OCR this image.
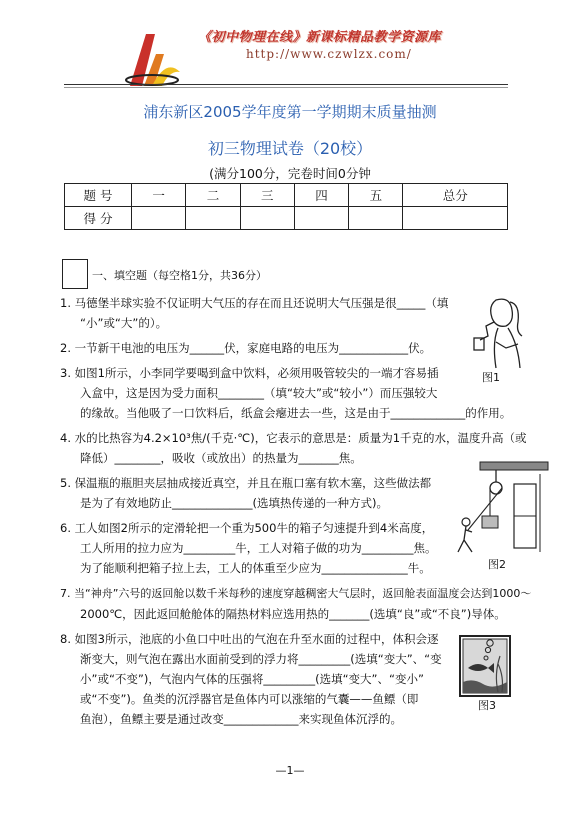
《初中物理在线》新课标精品教学资源库
http://www.czwlzx.com/
浦东新区2005学年度第一学期期末质量抽测
初三物理试卷（20校）
(满分100分，完卷时间0分钟
题 号	一	二	三	四	五	总分
得 分						
一、填空题（每空格1分，共36分）
1. 马德堡半球实验不仅证明大气压的存在而且还说明大气压强是很_____（填
“小”或“大”的）。
2. 一节新干电池的电压为______伏，家庭电路的电压为____________伏。
3. 如图1所示，小李同学要喝到盒中饮料，必须用吸管较尖的一端才容易插
入盒中，这是因为受力面积________（填“较大”或“较小”）而压强较大
的缘故。当他吸了一口饮料后，纸盒会瘪进去一些，这是由于_____________的作用。
4. 水的比热容为4.2×10³焦/(千克·℃)，它表示的意思是：质量为1千克的水，温度升高（或
降低）________，吸收（或放出）的热量为_______焦。
5. 保温瓶的瓶胆夹层抽成接近真空，并且在瓶口塞有软木塞，这些做法都
是为了有效地防止______________(选填热传递的一种方式)。
6. 工人如图2所示的定滑轮把一个重为500牛的箱子匀速提升到4米高度，
工人所用的拉力应为_________牛，工人对箱子做的功为_________焦。
为了能顺利把箱子拉上去，工人的体重至少应为_______________牛。
7. 当“神舟”六号的返回舱以数千米每秒的速度穿越稠密大气层时，返回舱表面温度会达到1000～
2000℃，因此返回舱舱体的隔热材料应选用热的_______(选填“良”或“不良”)导体。
8. 如图3所示，池底的小鱼口中吐出的气泡在升至水面的过程中，体积会逐
渐变大，则气泡在露出水面前受到的浮力将_________(选填“变大”、“变
小”或“不变”)，气泡内气体的压强将_________(选填“变大”、“变小”
或“不变”)。鱼类的沉浮器官是鱼体内可以涨缩的气囊——鱼鳔（即
鱼泡），鱼鳔主要是通过改变_____________来实现鱼体沉浮的。
图1
图2
图3
—1—
